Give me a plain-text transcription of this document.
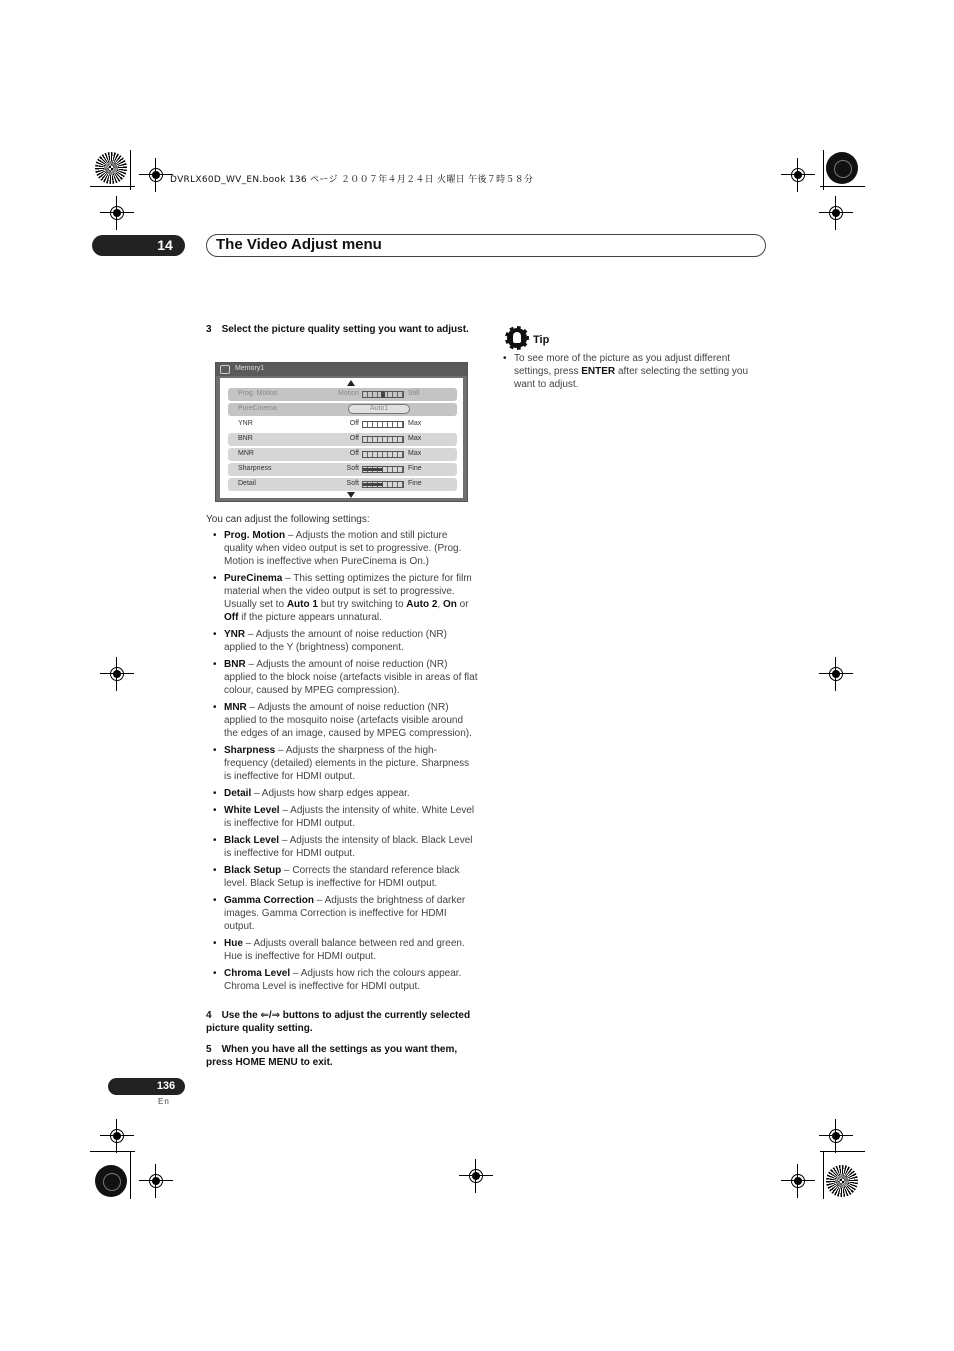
DVRLX60D_WV_EN.book 136 ページ ２００７年４月２４日 火曜日 午後７時５８分
14	The Video Adjust menu
3 Select the picture quality setting you want to adjust.
Memory1
Prog. Motion	Motion	Still
PureCinema	Auto1
YNR	Off	Max
BNR	Off	Max
MNR	Off	Max
Sharpness	Soft	Fine
Detail	Soft	Fine
You can adjust the following settings:
• Prog. Motion – Adjusts the motion and still picture quality when video output is set to progressive. (Prog. Motion is ineffective when PureCinema is On.)
• PureCinema – This setting optimizes the picture for film material when the video output is set to progressive. Usually set to Auto 1 but try switching to Auto 2, On or Off if the picture appears unnatural.
• YNR – Adjusts the amount of noise reduction (NR) applied to the Y (brightness) component.
• BNR – Adjusts the amount of noise reduction (NR) applied to the block noise (artefacts visible in areas of flat colour, caused by MPEG compression).
• MNR – Adjusts the amount of noise reduction (NR) applied to the mosquito noise (artefacts visible around the edges of an image, caused by MPEG compression).
• Sharpness – Adjusts the sharpness of the high-frequency (detailed) elements in the picture. Sharpness is ineffective for HDMI output.
• Detail – Adjusts how sharp edges appear.
• White Level – Adjusts the intensity of white. White Level is ineffective for HDMI output.
• Black Level – Adjusts the intensity of black. Black Level is ineffective for HDMI output.
• Black Setup – Corrects the standard reference black level. Black Setup is ineffective for HDMI output.
• Gamma Correction – Adjusts the brightness of darker images. Gamma Correction is ineffective for HDMI output.
• Hue – Adjusts overall balance between red and green. Hue is ineffective for HDMI output.
• Chroma Level – Adjusts how rich the colours appear. Chroma Level is ineffective for HDMI output.
4 Use the ⇐/⇒ buttons to adjust the currently selected picture quality setting.
5 When you have all the settings as you want them, press HOME MENU to exit.
Tip
• To see more of the picture as you adjust different settings, press ENTER after selecting the setting you want to adjust.
136
En
